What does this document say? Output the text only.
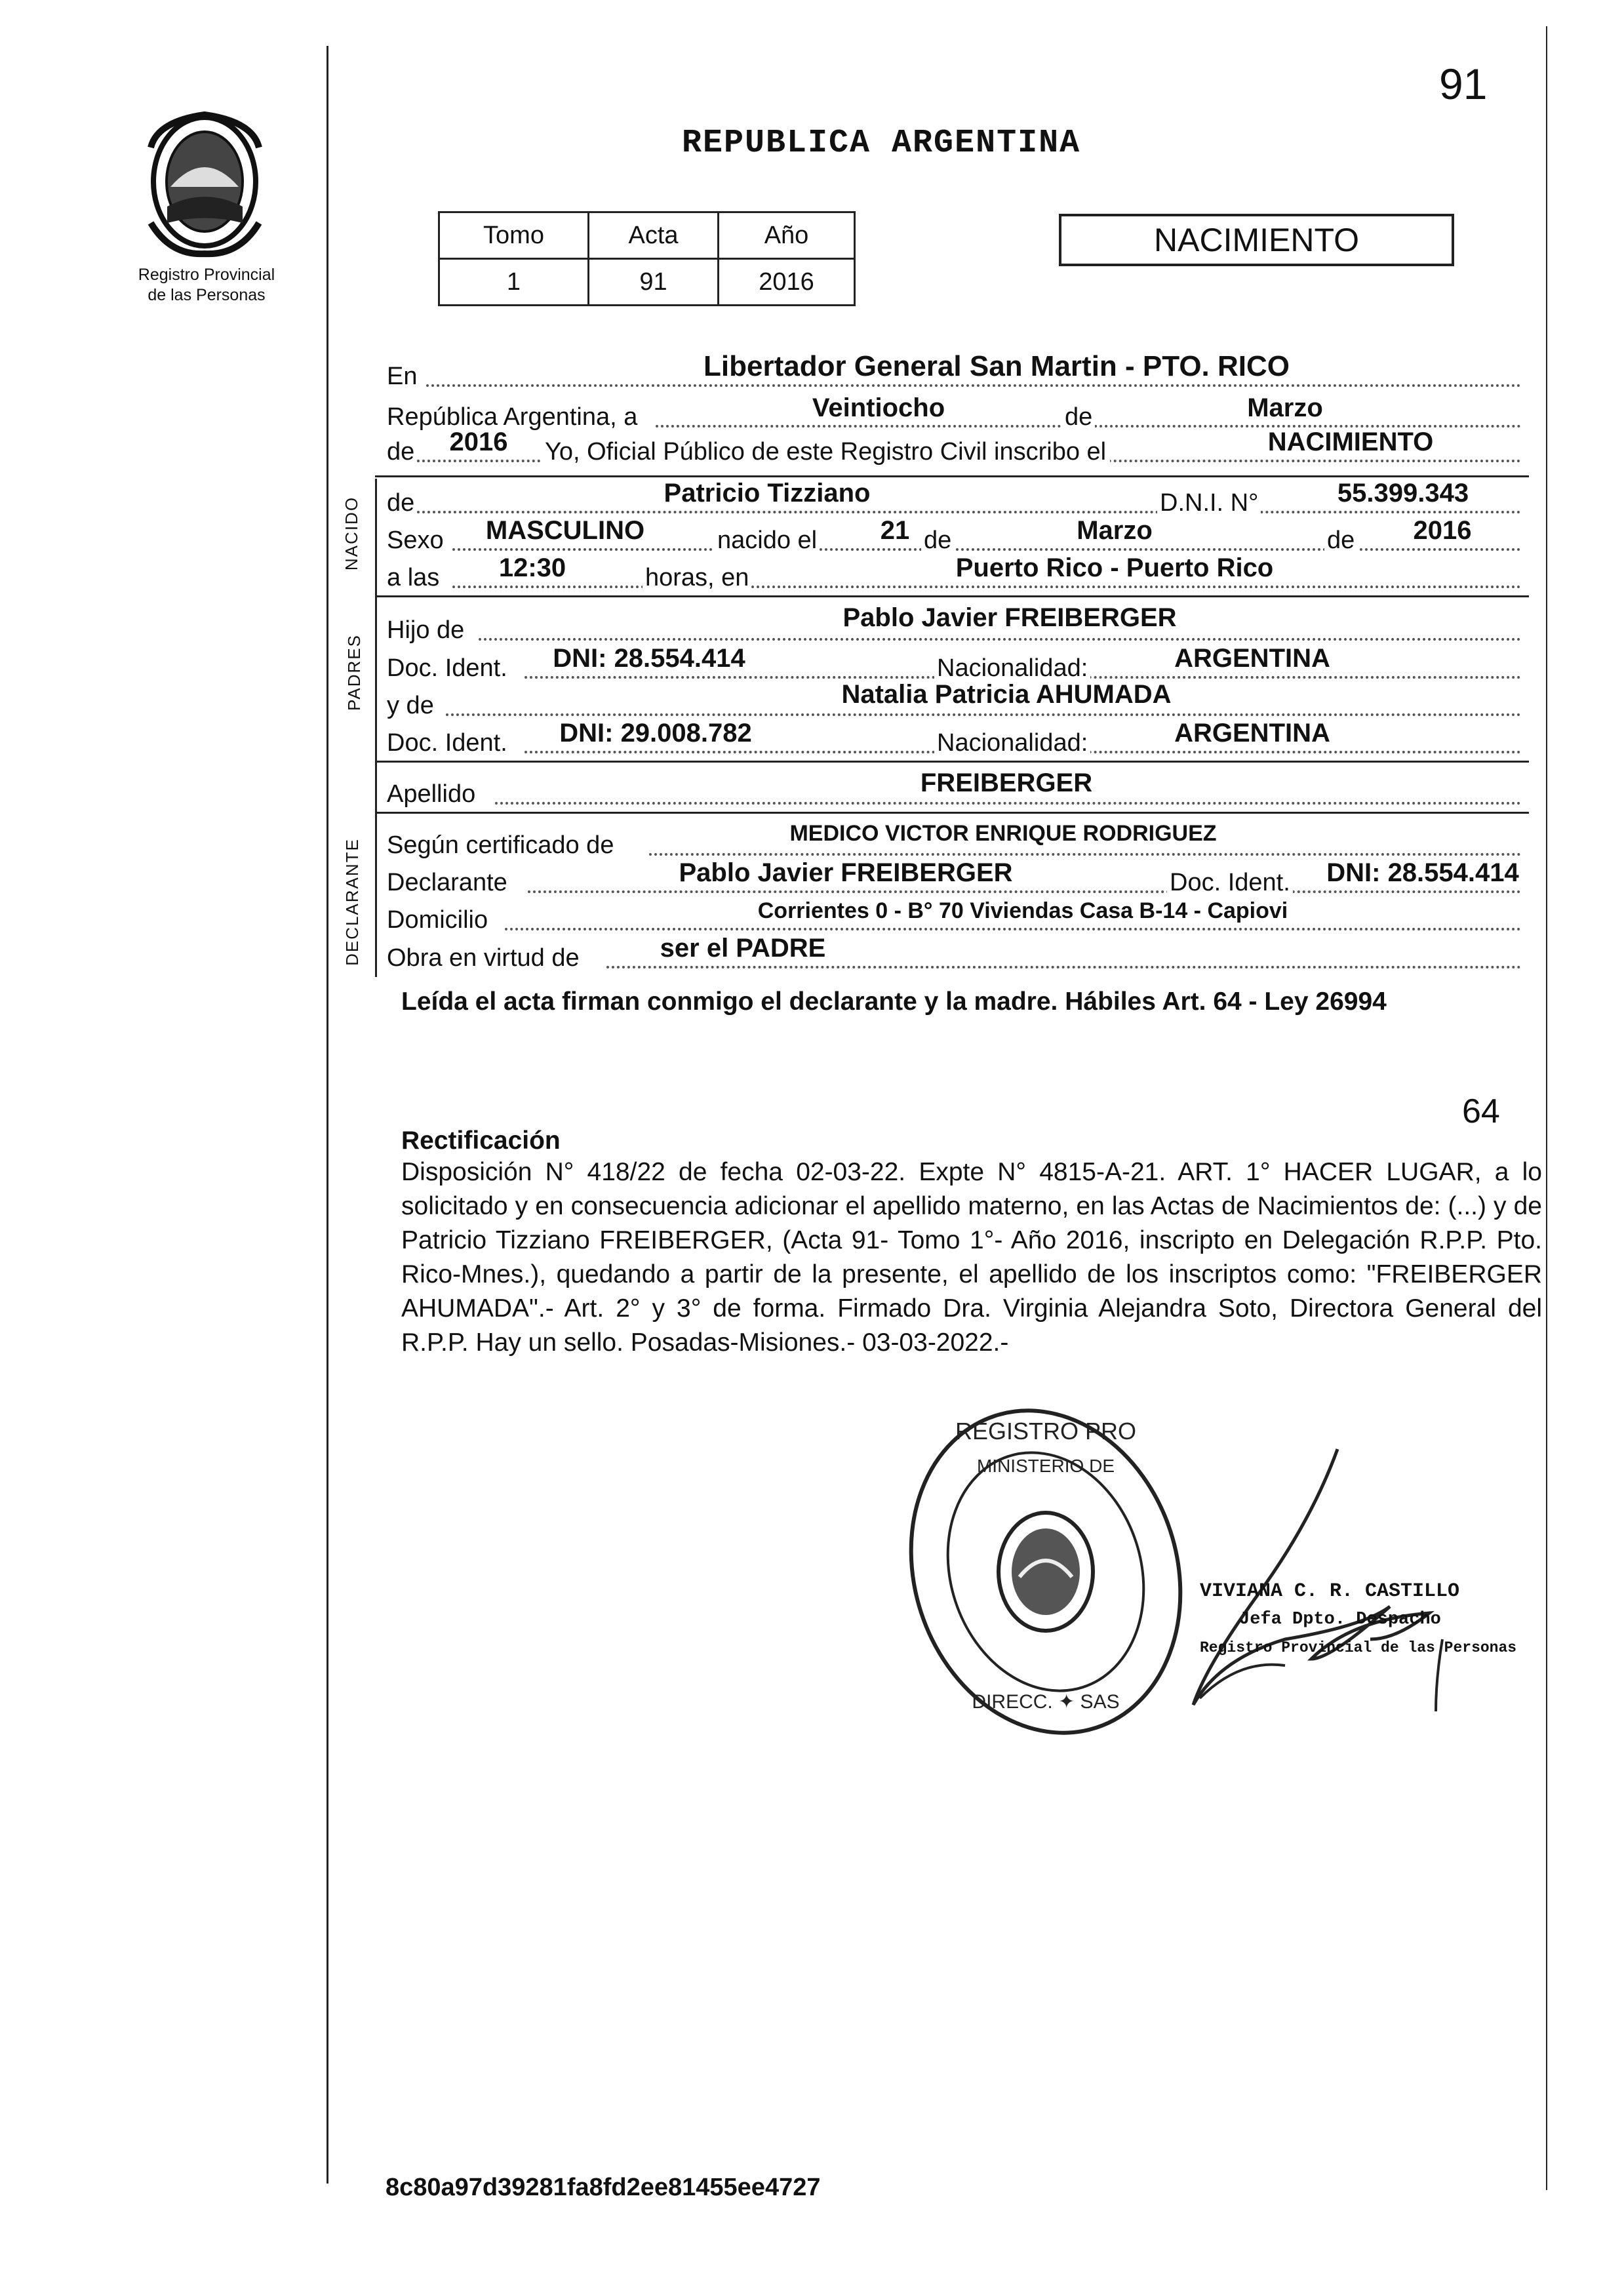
91
Registro Provincial
de las Personas
REPUBLICA ARGENTINA
Tomo	Acta	Año
1	91	2016
NACIMIENTO
En	Libertador General San Martin - PTO. RICO
República Argentina, a	Veintiocho	de	Marzo
de 2016 Yo, Oficial Público de este Registro Civil inscribo el	NACIMIENTO
NACIDO de	Patricio Tizziano	D.N.I. N°	55.399.343
Sexo MASCULINO	nacido el 21 de	Marzo	de 2016
a las 12:30	horas, en	Puerto Rico - Puerto Rico
PADRES
Hijo de	Pablo Javier FREIBERGER
Doc. Ident. DNI: 28.554.414	Nacionalidad:	ARGENTINA
y de	Natalia Patricia AHUMADA
Doc. Ident. DNI: 29.008.782	Nacionalidad:	ARGENTINA
Apellido	FREIBERGER
DECLARANTE Según certificado de	MEDICO VICTOR ENRIQUE RODRIGUEZ
Declarante	Pablo Javier FREIBERGER	Doc. Ident. DNI: 28.554.414
Domicilio	Corrientes 0 - B° 70 Viviendas Casa B-14 - Capiovi
Obra en virtud de	ser el PADRE
Leída el acta firman conmigo el declarante y la madre. Hábiles Art. 64 - Ley 26994
64
Rectificación
Disposición N° 418/22 de fecha 02-03-22. Expte N° 4815-A-21. ART. 1° HACER LUGAR, a lo solicitado y en consecuencia adicionar el apellido materno, en las Actas de Nacimientos de: (...) y de Patricio Tizziano FREIBERGER, (Acta 91- Tomo 1°- Año 2016, inscripto en Delegación R.P.P. Pto. Rico-Mnes.), quedando a partir de la presente, el apellido de los inscriptos como: "FREIBERGER AHUMADA".- Art. 2° y 3° de forma. Firmado Dra. Virginia Alejandra Soto, Directora General del R.P.P. Hay un sello. Posadas-Misiones.- 03-03-2022.-
REGISTRO PRO
MINISTERIO DE
DIRECC. ✦ SAS
VIVIANA C. R. CASTILLO
Jefa Dpto. Despacho
Registro Provincial de las Personas
8c80a97d39281fa8fd2ee81455ee4727
